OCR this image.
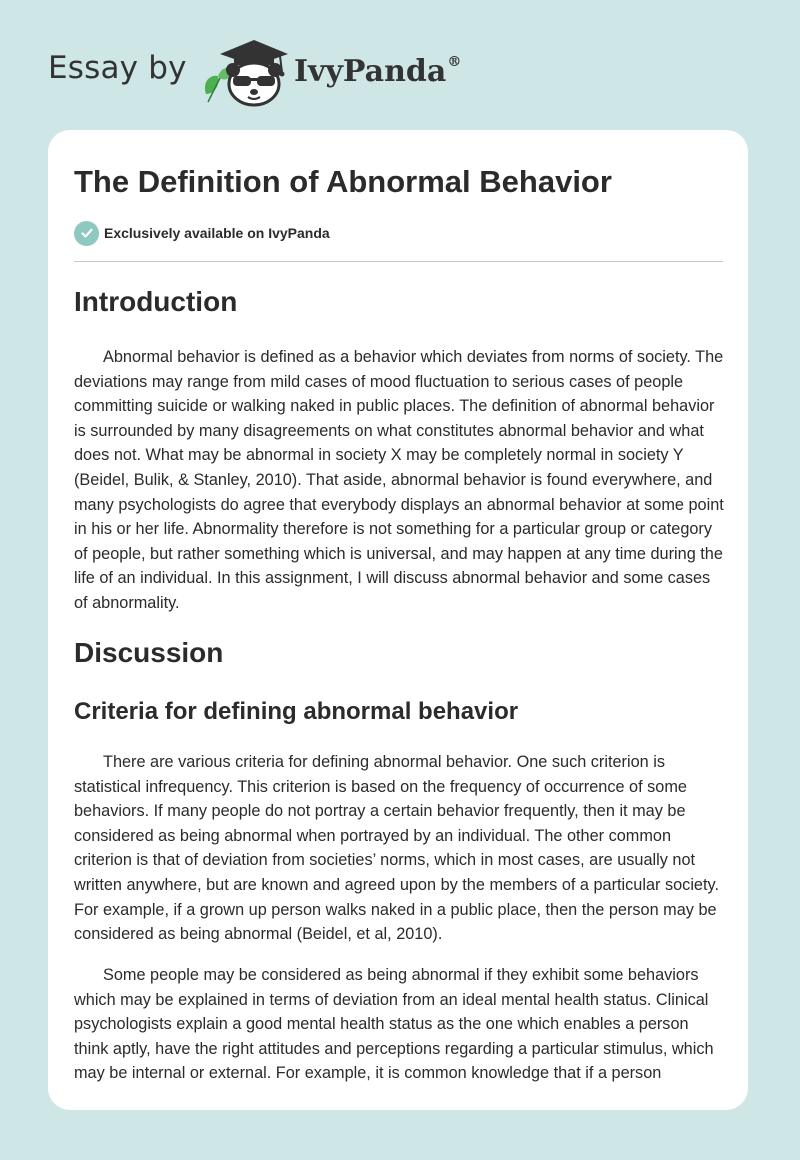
Essay by	IvyPanda®
The Definition of Abnormal Behavior
Exclusively available on IvyPanda
Introduction

Abnormal behavior is defined as a behavior which deviates from norms of society. The deviations may range from mild cases of mood fluctuation to serious cases of people committing suicide or walking naked in public places. The definition of abnormal behavior is surrounded by many disagreements on what constitutes abnormal behavior and what does not. What may be abnormal in society X may be completely normal in society Y (Beidel, Bulik, & Stanley, 2010). That aside, abnormal behavior is found everywhere, and many psychologists do agree that everybody displays an abnormal behavior at some point in his or her life. Abnormality therefore is not something for a particular group or category of people, but rather something which is universal, and may happen at any time during the life of an individual. In this assignment, I will discuss abnormal behavior and some cases of abnormality.

Discussion
Criteria for defining abnormal behavior

There are various criteria for defining abnormal behavior. One such criterion is statistical infrequency. This criterion is based on the frequency of occurrence of some behaviors. If many people do not portray a certain behavior frequently, then it may be considered as being abnormal when portrayed by an individual. The other common criterion is that of deviation from societies’ norms, which in most cases, are usually not written anywhere, but are known and agreed upon by the members of a particular society. For example, if a grown up person walks naked in a public place, then the person may be considered as being abnormal (Beidel, et al, 2010).

Some people may be considered as being abnormal if they exhibit some behaviors which may be explained in terms of deviation from an ideal mental health status. Clinical psychologists explain a good mental health status as the one which enables a person think aptly, have the right attitudes and perceptions regarding a particular stimulus, which may be internal or external. For example, it is common knowledge that if a person
